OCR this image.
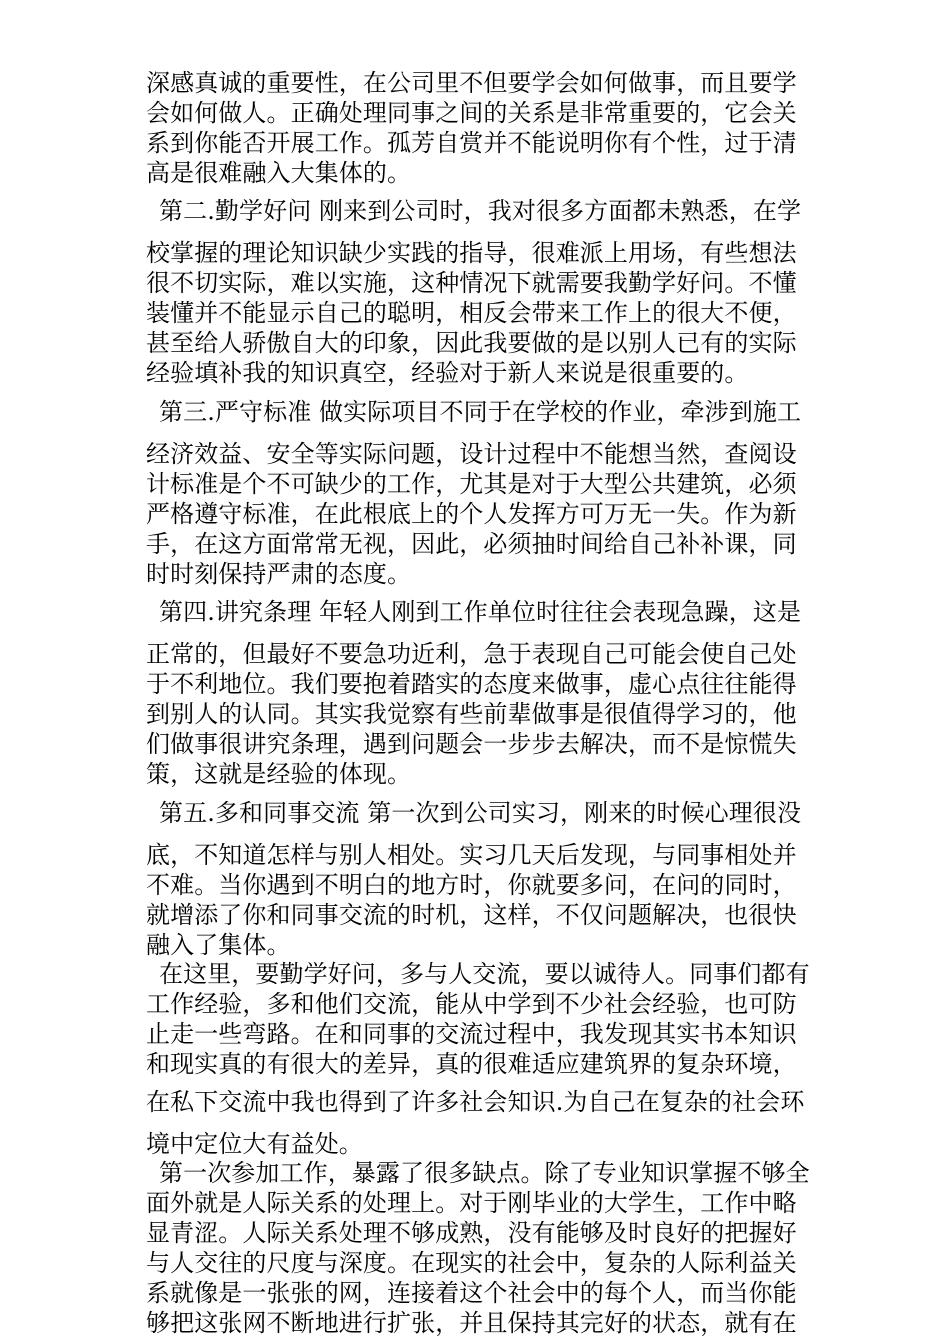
深感真诚的重要性，在公司里不但要学会如何做事，而且要学
会如何做人。正确处理同事之间的关系是非常重要的，它会关
系到你能否开展工作。孤芳自赏并不能说明你有个性，过于清
高是很难融入大集体的。
第二.勤学好问 刚来到公司时，我对很多方面都未熟悉，在学
校掌握的理论知识缺少实践的指导，很难派上用场，有些想法
很不切实际，难以实施，这种情况下就需要我勤学好问。不懂
装懂并不能显示自己的聪明，相反会带来工作上的很大不便，
甚至给人骄傲自大的印象，因此我要做的是以别人已有的实际
经验填补我的知识真空，经验对于新人来说是很重要的。
第三.严守标准 做实际项目不同于在学校的作业，牵涉到施工
经济效益、安全等实际问题，设计过程中不能想当然，查阅设
计标准是个不可缺少的工作，尤其是对于大型公共建筑，必须
严格遵守标准，在此根底上的个人发挥方可万无一失。作为新
手，在这方面常常无视，因此，必须抽时间给自己补补课，同
时时刻保持严肃的态度。
第四.讲究条理 年轻人刚到工作单位时往往会表现急躁，这是
正常的，但最好不要急功近利，急于表现自己可能会使自己处
于不利地位。我们要抱着踏实的态度来做事，虚心点往往能得
到别人的认同。其实我觉察有些前辈做事是很值得学习的，他
们做事很讲究条理，遇到问题会一步步去解决，而不是惊慌失
策，这就是经验的体现。
第五.多和同事交流 第一次到公司实习，刚来的时候心理很没
底，不知道怎样与别人相处。实习几天后发现，与同事相处并
不难。当你遇到不明白的地方时，你就要多问，在问的同时，
就增添了你和同事交流的时机，这样，不仅问题解决，也很快
融入了集体。
在这里，要勤学好问，多与人交流，要以诚待人。同事们都有
工作经验，多和他们交流，能从中学到不少社会经验，也可防
止走一些弯路。在和同事的交流过程中，我发现其实书本知识
和现实真的有很大的差异，真的很难适应建筑界的复杂环境，
在私下交流中我也得到了许多社会知识.为自己在复杂的社会环
境中定位大有益处。
第一次参加工作，暴露了很多缺点。除了专业知识掌握不够全
面外就是人际关系的处理上。对于刚毕业的大学生，工作中略
显青涩。人际关系处理不够成熟，没有能够及时良好的把握好
与人交往的尺度与深度。在现实的社会中，复杂的人际利益关
系就像是一张张的网，连接着这个社会中的每个人，而当你能
够把这张网不断地进行扩张，并且保持其完好的状态，就有在
